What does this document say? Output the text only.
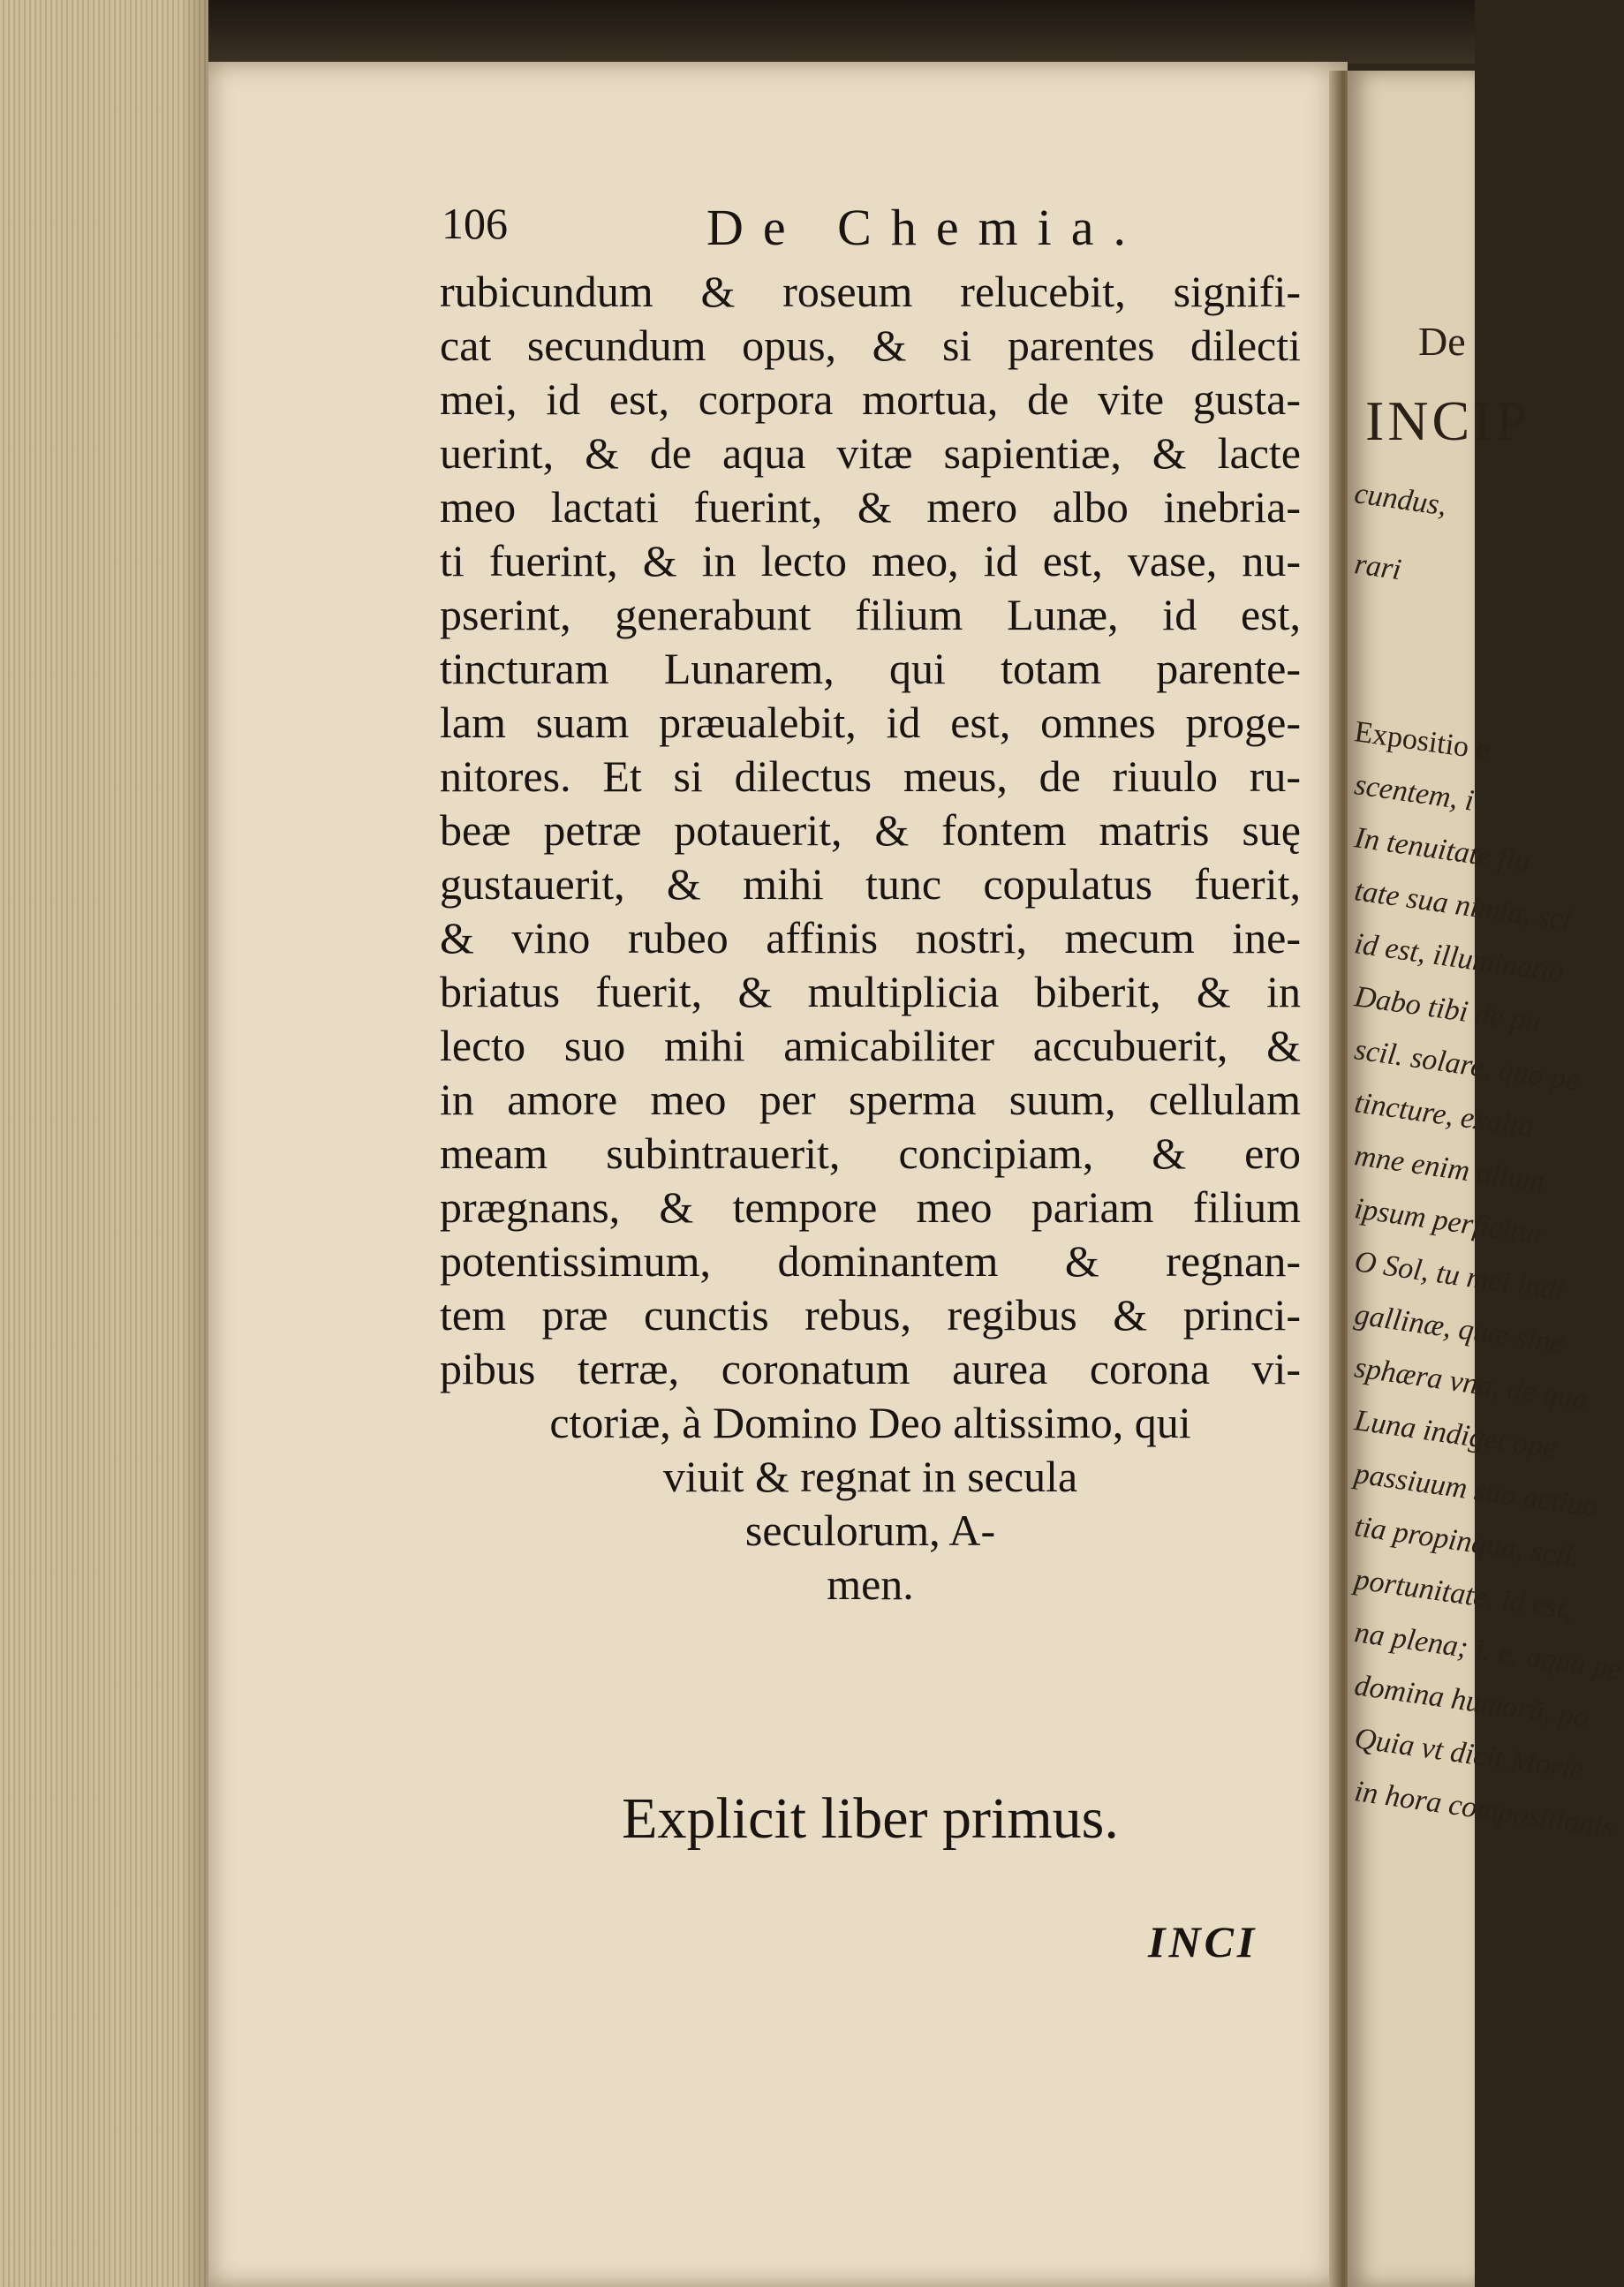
106	De Chemia.
rubicundum & roseum relucebit, signifi-
cat secundum opus, & si parentes dilecti
mei, id est, corpora mortua, de vite gusta-
uerint, & de aqua vitæ sapientiæ, & lacte
meo lactati fuerint, & mero albo inebria-
ti fuerint, & in lecto meo, id est, vase, nu-
pserint, generabunt filium Lunæ, id est,
tincturam Lunarem, qui totam parente-
lam suam præualebit, id est, omnes proge-
nitores. Et si dilectus meus, de riuulo ru-
beæ petræ potauerit, & fontem matris suę
gustauerit, & mihi tunc copulatus fuerit,
& vino rubeo affinis nostri, mecum ine-
briatus fuerit, & multiplicia biberit, & in
lecto suo mihi amicabiliter accubuerit, &
in amore meo per sperma suum, cellulam
meam subintrauerit, concipiam, & ero
prægnans, & tempore meo pariam filium
potentissimum, dominantem & regnan-
tem præ cunctis rebus, regibus & princi-
pibus terræ, coronatum aurea corona vi-
ctoriæ, à Domino Deo altissimo, qui
viuit & regnat in secula
seculorum, A-
men.
Explicit liber primus.
INCI
De
INCIP
cundus,
rari
Expositio e
scentem, i
In tenuitate flu
tate sua nimia, sci
id est, illuminatio
Dabo tibi de pu
scil. solare, quo pe
tincture, exalta
mne enim altum
ipsum perficitur
O Sol, tu mei indi
gallinæ, quæ sine
sphæra vna, de qua
Luna indiget ope
passiuum suo actiuo
tia propinqua, scil.
portunitate, id est,
na plena; i. e. aqua pe
domina humorū, po
Quia vt dicit Morie
in hora compositionis
